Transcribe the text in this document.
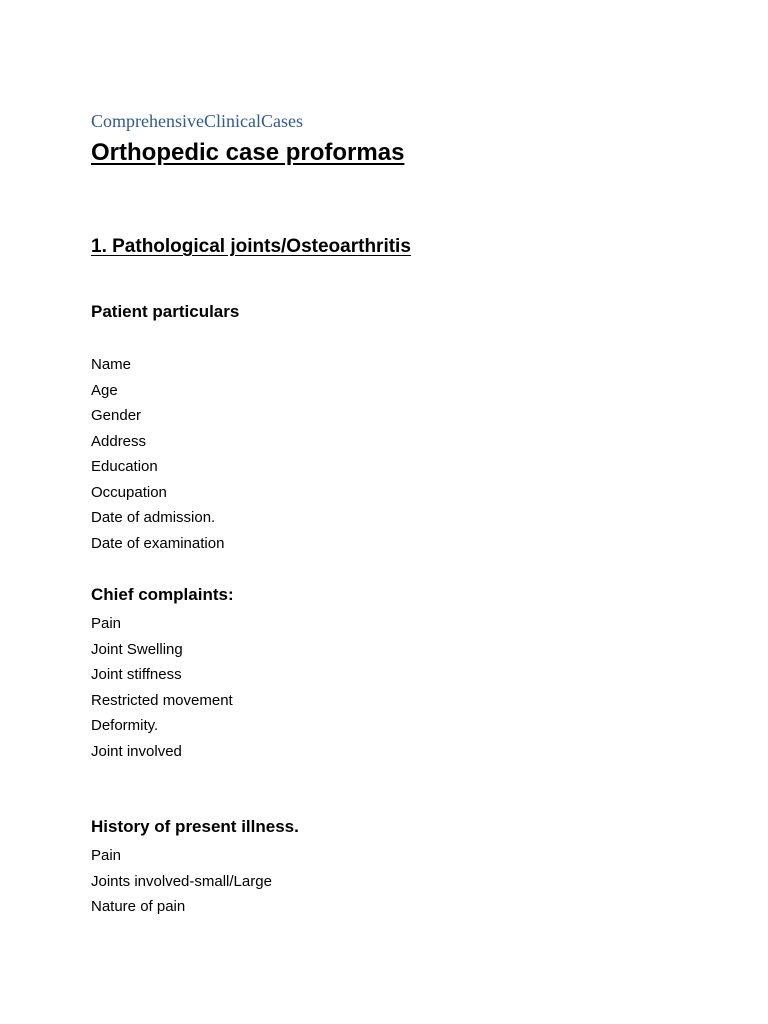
ComprehensiveClinicalCases
Orthopedic case proformas
1. Pathological joints/Osteoarthritis
Patient particulars
Name
Age
Gender
Address
Education
Occupation
Date of admission.
Date of examination
Chief complaints:
Pain
Joint Swelling
Joint stiffness
Restricted movement
Deformity.
Joint involved
History of present illness.
Pain
Joints involved-small/Large
Nature of pain
